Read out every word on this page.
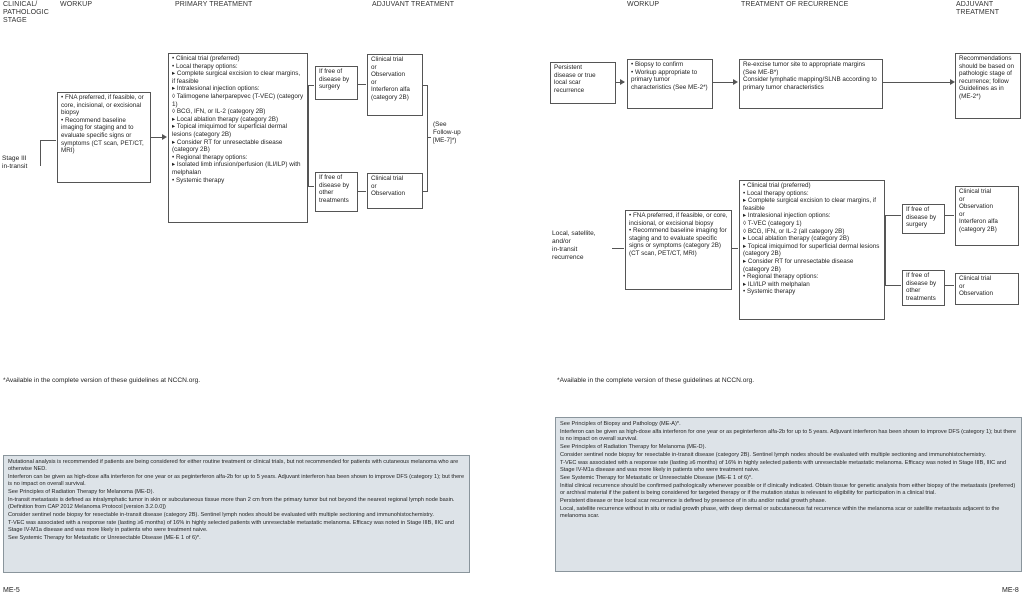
CLINICAL/
PATHOLOGIC
STAGE
WORKUP	PRIMARY TREATMENT	ADJUVANT TREATMENT
Stage III
in-transit
• FNA preferred, if feasible, or core, incisional, or excisional biopsy
• Recommend baseline imaging for staging and to evaluate specific signs or symptoms (CT scan, PET/CT, MRI)
• Clinical trial (preferred)
• Local therapy options:
▸ Complete surgical excision to clear margins, if feasible
▸ Intralesional injection options:
◊ Talimogene laherparepvec (T-VEC) (category 1)
◊ BCG, IFN, or IL-2 (category 2B)
▸ Local ablation therapy (category 2B)
▸ Topical imiquimod for superficial dermal lesions (category 2B)
▸ Consider RT for unresectable disease (category 2B)
• Regional therapy options:
▸ Isolated limb infusion/perfusion (ILI/ILP) with melphalan
• Systemic therapy
If free of disease by surgery
If free of disease by other treatments
Clinical trial
or
Observation
or
Interferon alfa
(category 2B)
Clinical trial
or
Observation
(See
Follow-up
[ME-7]*)
*Available in the complete version of these guidelines at NCCN.org.

Mutational analysis is recommended if patients are being considered for either routine treatment or clinical trials, but not recommended for patients with cutaneous melanoma who are otherwise NED.

Interferon can be given as high-dose alfa interferon for one year or as peginterferon alfa-2b for up to 5 years. Adjuvant interferon has been shown to improve DFS (category 1); but there is no impact on overall survival.

See Principles of Radiation Therapy for Melanoma (ME-D).

In-transit metastasis is defined as intralymphatic tumor in skin or subcutaneous tissue more than 2 cm from the primary tumor but not beyond the nearest regional lymph node basin. (Definition from CAP 2012 Melanoma Protocol [version 3.2.0.0])

Consider sentinel node biopsy for resectable in-transit disease (category 2B). Sentinel lymph nodes should be evaluated with multiple sectioning and immunohistochemistry.

T-VEC was associated with a response rate (lasting ≥6 months) of 16% in highly selected patients with unresectable metastatic melanoma. Efficacy was noted in Stage IIIB, IIIC and Stage IV-M1a disease and was more likely in patients who were treatment naive.

See Systemic Therapy for Metastatic or Unresectable Disease (ME-E 1 of 6)*.

ME-5
WORKUP	TREATMENT OF RECURRENCE	ADJUVANT
TREATMENT
Persistent
disease or true
local scar
recurrence
• Biopsy to confirm
• Workup appropriate to primary tumor characteristics (See ME-2*)
Re-excise tumor site to appropriate margins (See ME-B*)
Consider lymphatic mapping/SLNB according to primary tumor characteristics
Recommendations should be based on pathologic stage of recurrence; follow Guidelines as in (ME-2*)
Local, satellite,
and/or
in-transit
recurrence
• FNA preferred, if feasible, or core, incisional, or excisional biopsy
• Recommend baseline imaging for staging and to evaluate specific signs or symptoms (category 2B) (CT scan, PET/CT, MRI)
• Clinical trial (preferred)
• Local therapy options:
▸ Complete surgical excision to clear margins, if feasible
▸ Intralesional injection options:
◊ T-VEC (category 1)
◊ BCG, IFN, or IL-2 (all category 2B)
▸ Local ablation therapy (category 2B)
▸ Topical imiquimod for superficial dermal lesions (category 2B)
▸ Consider RT for unresectable disease (category 2B)
• Regional therapy options:
▸ ILI/ILP with melphalan
• Systemic therapy
If free of disease by surgery
If free of disease by other treatments
Clinical trial
or
Observation
or
Interferon alfa
(category 2B)
Clinical trial
or
Observation
*Available in the complete version of these guidelines at NCCN.org.

See Principles of Biopsy and Pathology (ME-A)*.

Interferon can be given as high-dose alfa interferon for one year or as peginterferon alfa-2b for up to 5 years. Adjuvant interferon has been shown to improve DFS (category 1); but there is no impact on overall survival.

See Principles of Radiation Therapy for Melanoma (ME-D).

Consider sentinel node biopsy for resectable in-transit disease (category 2B). Sentinel lymph nodes should be evaluated with multiple sectioning and immunohistochemistry.

T-VEC was associated with a response rate (lasting ≥6 months) of 16% in highly selected patients with unresectable metastatic melanoma. Efficacy was noted in Stage IIIB, IIIC and Stage IV-M1a disease and was more likely in patients who were treatment naive.

See Systemic Therapy for Metastatic or Unresectable Disease (ME-E 1 of 6)*.

Initial clinical recurrence should be confirmed pathologically whenever possible or if clinically indicated. Obtain tissue for genetic analysis from either biopsy of the metastasis (preferred) or archival material if the patient is being considered for targeted therapy or if the mutation status is relevant to eligibility for participation in a clinical trial.

Persistent disease or true local scar recurrence is defined by presence of in situ and/or radial growth phase.

Local, satellite recurrence without in situ or radial growth phase, with deep dermal or subcutaneous fat recurrence within the melanoma scar or satellite metastasis adjacent to the melanoma scar.

ME-8
